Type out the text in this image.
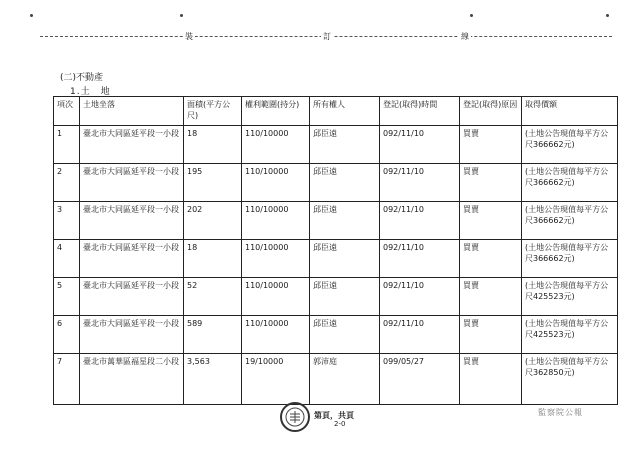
裝	訂	線
(二)不動產
1.土　地
項次	土地坐落	面積(平方公尺)	權利範圍(持分)	所有權人	登記(取得)時間	登記(取得)原因	取得價額
1	臺北市大同區延平段一小段	18	110/10000	邱臣遠	092/11/10	買賣	(土地公告現值每平方公尺366662元)
2	臺北市大同區延平段一小段	195	110/10000	邱臣遠	092/11/10	買賣	(土地公告現值每平方公尺366662元)
3	臺北市大同區延平段一小段	202	110/10000	邱臣遠	092/11/10	買賣	(土地公告現值每平方公尺366662元)
4	臺北市大同區延平段一小段	18	110/10000	邱臣遠	092/11/10	買賣	(土地公告現值每平方公尺366662元)
5	臺北市大同區延平段一小段	52	110/10000	邱臣遠	092/11/10	買賣	(土地公告現值每平方公尺425523元)
6	臺北市大同區延平段一小段	589	110/10000	邱臣遠	092/11/10	買賣	(土地公告現值每平方公尺425523元)
7	臺北市萬華區福星段二小段	3,563	19/10000	郭沛庭	099/05/27	買賣	(土地公告現值每平方公尺362850元)
第頁，共頁
2-0
監察院公報
